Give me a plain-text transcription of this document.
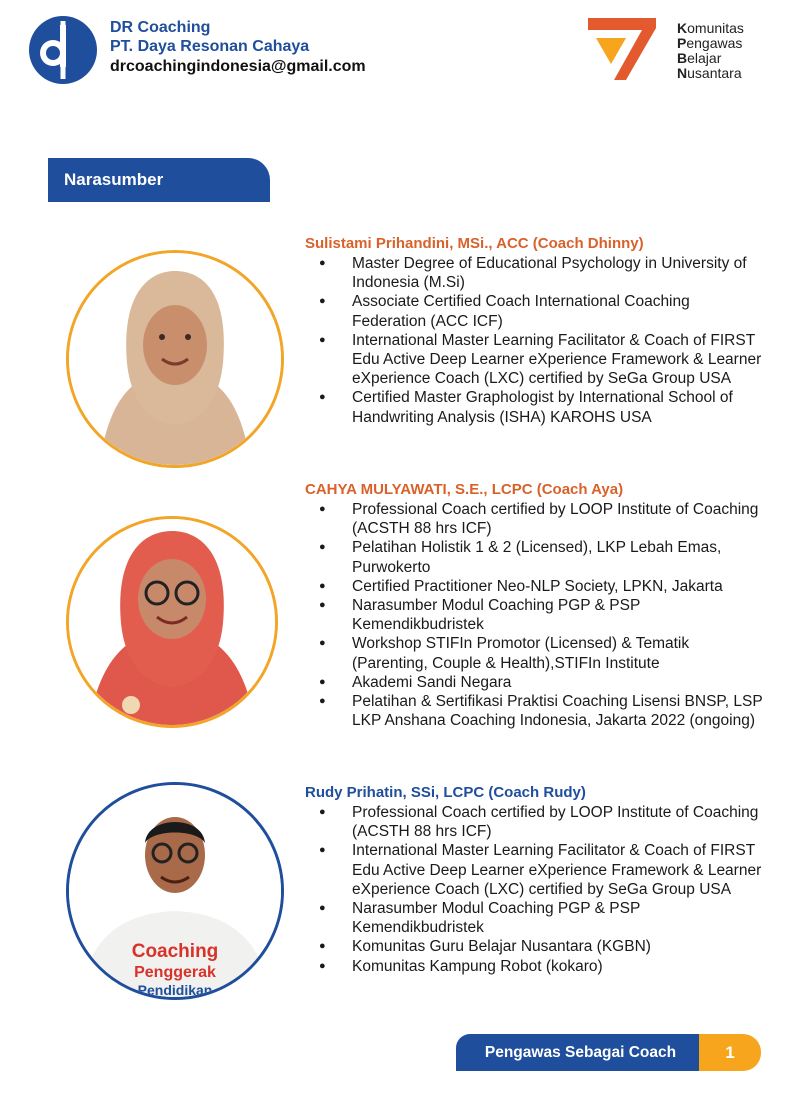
DR Coaching
PT. Daya Resonan Cahaya
drcoachingindonesia@gmail.com
Komunitas
Pengawas
Belajar
Nusantara
Narasumber
Sulistami Prihandini, MSi., ACC (Coach Dhinny)
● Master Degree of Educational Psychology in University of Indonesia (M.Si)
● Associate Certified Coach International Coaching Federation (ACC ICF)
● International Master Learning Facilitator & Coach of FIRST Edu Active Deep Learner eXperience Framework & Learner eXperience Coach (LXC) certified by SeGa Group USA
● Certified Master Graphologist by International School of Handwriting Analysis (ISHA) KAROHS USA
CAHYA MULYAWATI, S.E., LCPC (Coach Aya)
● Professional Coach certified by LOOP Institute of Coaching (ACSTH 88 hrs ICF)
● Pelatihan Holistik 1 & 2 (Licensed), LKP Lebah Emas, Purwokerto
● Certified Practitioner Neo-NLP Society, LPKN, Jakarta
● Narasumber Modul Coaching PGP & PSP Kemendikbudristek
● Workshop STIFIn Promotor (Licensed) & Tematik (Parenting, Couple & Health),STIFIn Institute
● Akademi Sandi Negara
● Pelatihan & Sertifikasi Praktisi Coaching Lisensi BNSP, LSP LKP Anshana Coaching Indonesia, Jakarta 2022 (ongoing)
Coaching
Penggerak
Pendidikan
Rudy Prihatin, SSi, LCPC (Coach Rudy)
● Professional Coach certified by LOOP Institute of Coaching (ACSTH 88 hrs ICF)
● International Master Learning Facilitator & Coach of FIRST Edu Active Deep Learner eXperience Framework & Learner eXperience Coach (LXC) certified by SeGa Group USA
● Narasumber Modul Coaching PGP & PSP Kemendikbudristek
● Komunitas Guru Belajar Nusantara (KGBN)
● Komunitas Kampung Robot (kokaro)
Pengawas Sebagai Coach	1
